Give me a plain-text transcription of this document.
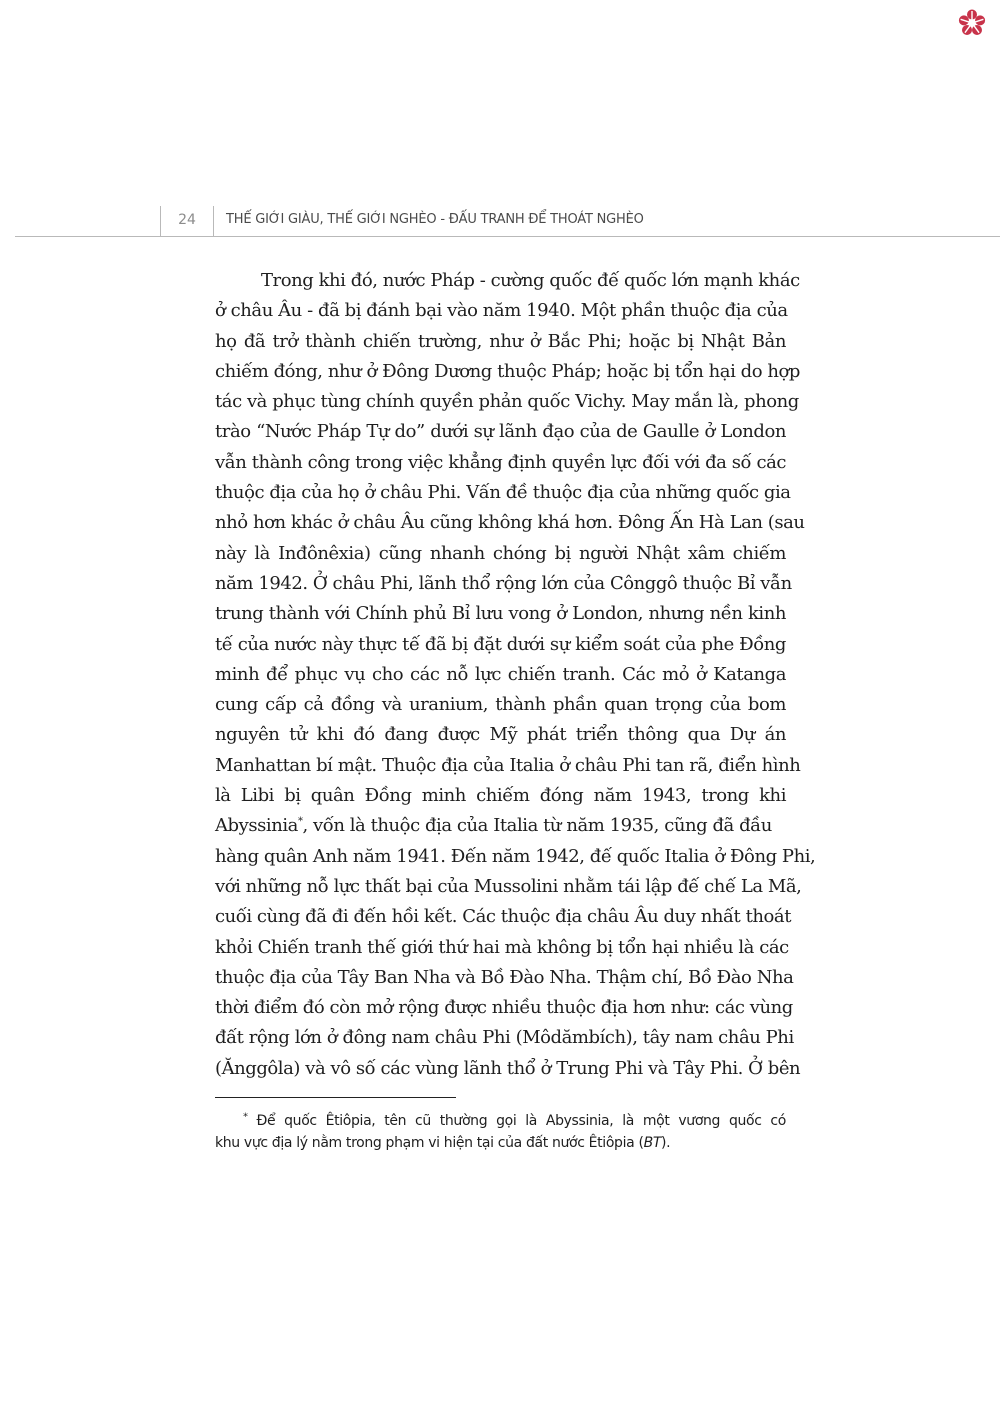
24	THẾ GIỚI GIÀU, THẾ GIỚI NGHÈO - ĐẤU TRANH ĐỂ THOÁT NGHÈO
Trong khi đó, nước Pháp - cường quốc đế quốc lớn mạnh khác
ở châu Âu - đã bị đánh bại vào năm 1940. Một phần thuộc địa của
họ đã trở thành chiến trường, như ở Bắc Phi; hoặc bị Nhật Bản
chiếm đóng, như ở Đông Dương thuộc Pháp; hoặc bị tổn hại do hợp
tác và phục tùng chính quyền phản quốc Vichy. May mắn là, phong
trào “Nước Pháp Tự do” dưới sự lãnh đạo của de Gaulle ở London
vẫn thành công trong việc khẳng định quyền lực đối với đa số các
thuộc địa của họ ở châu Phi. Vấn đề thuộc địa của những quốc gia
nhỏ hơn khác ở châu Âu cũng không khá hơn. Đông Ấn Hà Lan (sau
này là Inđônêxia) cũng nhanh chóng bị người Nhật xâm chiếm
năm 1942. Ở châu Phi, lãnh thổ rộng lớn của Cônggô thuộc Bỉ vẫn
trung thành với Chính phủ Bỉ lưu vong ở London, nhưng nền kinh
tế của nước này thực tế đã bị đặt dưới sự kiểm soát của phe Đồng
minh để phục vụ cho các nỗ lực chiến tranh. Các mỏ ở Katanga
cung cấp cả đồng và uranium, thành phần quan trọng của bom
nguyên tử khi đó đang được Mỹ phát triển thông qua Dự án
Manhattan bí mật. Thuộc địa của Italia ở châu Phi tan rã, điển hình
là Libi bị quân Đồng minh chiếm đóng năm 1943, trong khi
Abyssinia*, vốn là thuộc địa của Italia từ năm 1935, cũng đã đầu
hàng quân Anh năm 1941. Đến năm 1942, đế quốc Italia ở Đông Phi,
với những nỗ lực thất bại của Mussolini nhằm tái lập đế chế La Mã,
cuối cùng đã đi đến hồi kết. Các thuộc địa châu Âu duy nhất thoát
khỏi Chiến tranh thế giới thứ hai mà không bị tổn hại nhiều là các
thuộc địa của Tây Ban Nha và Bồ Đào Nha. Thậm chí, Bồ Đào Nha
thời điểm đó còn mở rộng được nhiều thuộc địa hơn như: các vùng
đất rộng lớn ở đông nam châu Phi (Môdămbích), tây nam châu Phi
(Ănggôla) và vô số các vùng lãnh thổ ở Trung Phi và Tây Phi. Ở bên
* Để quốc Êtiôpia, tên cũ thường gọi là Abyssinia, là một vương quốc có
khu vực địa lý nằm trong phạm vi hiện tại của đất nước Êtiôpia (BT).
